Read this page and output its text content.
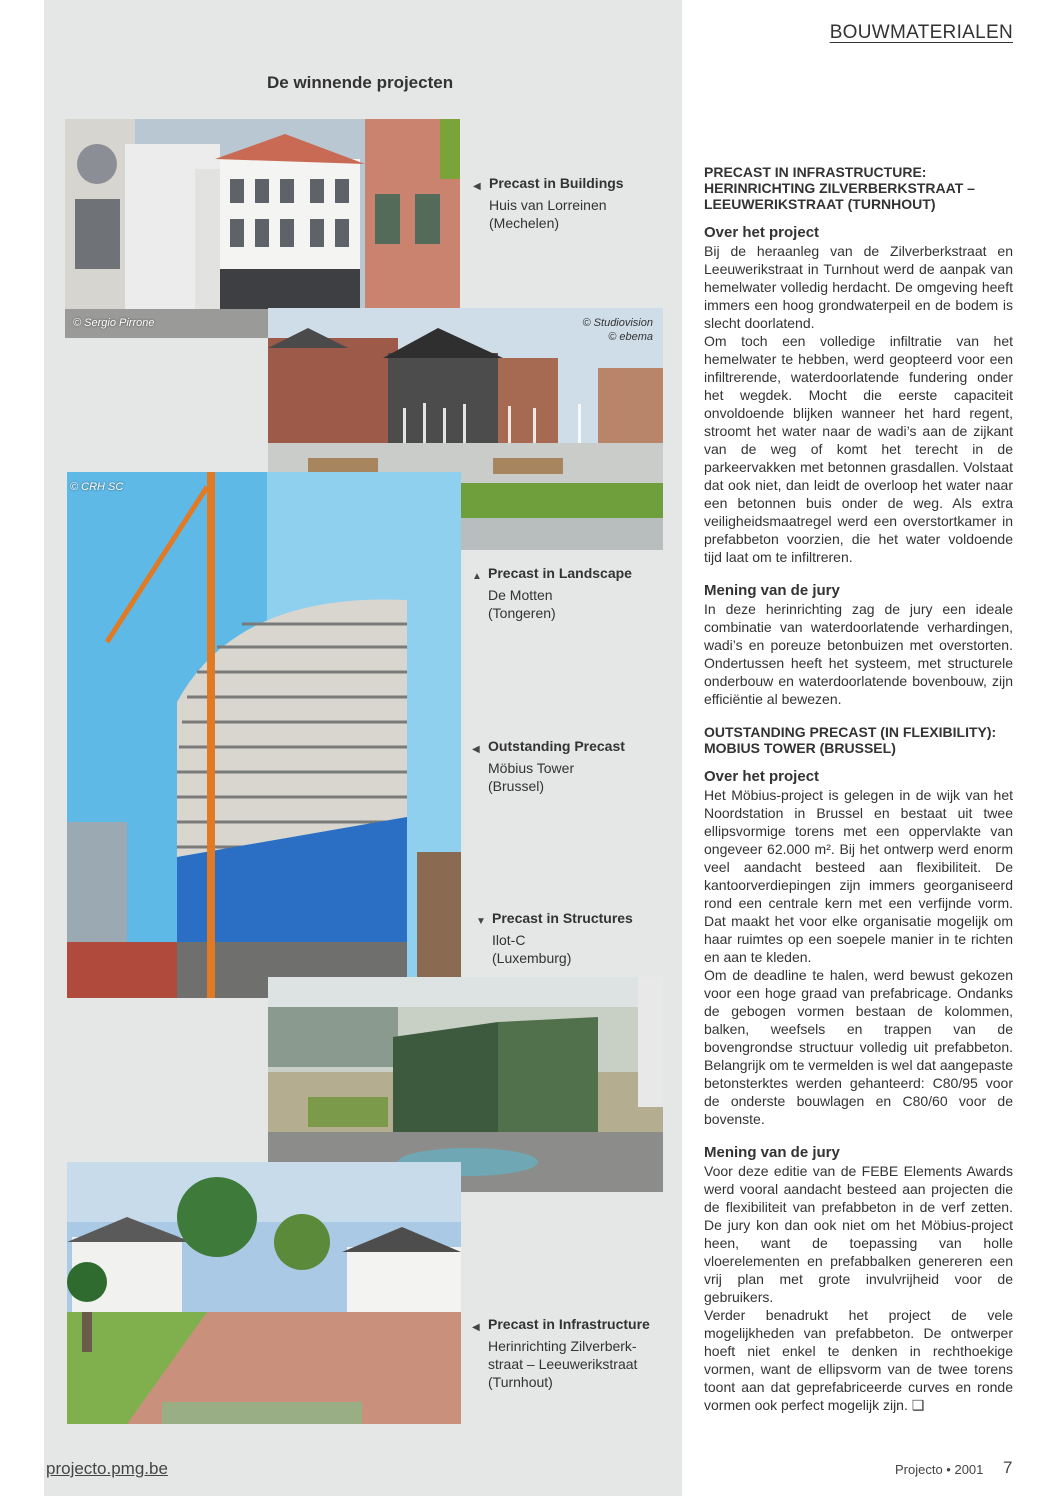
BOUWMATERIALEN
De winnende projecten
© Sergio Pirrone	© Studiovision
© ebema
© CRH SC
◀ Precast in Buildings
Huis van Lorreinen
(Mechelen)
▲ Precast in Landscape
De Motten
(Tongeren)
◀ Outstanding Precast
Möbius Tower
(Brussel)
▼ Precast in Structures
Ilot-C
(Luxemburg)
◀ Precast in Infrastructure
Herinrichting Zilverberk-
straat – Leeuwerikstraat
(Turnhout)
PRECAST IN INFRASTRUCTURE: HERINRICHTING ZILVERBERKSTRAAT – LEEUWERIKSTRAAT (TURNHOUT)
Over het project

Bij de heraanleg van de Zilverberkstraat en Leeuwerikstraat in Turnhout werd de aanpak van hemelwater volledig herdacht. De omgeving heeft immers een hoog grondwaterpeil en de bodem is slecht doorlatend.

Om toch een volledige infiltratie van het hemelwater te hebben, werd geopteerd voor een infiltrerende, waterdoorlatende fundering onder het wegdek. Mocht die eerste capaciteit onvoldoende blijken wanneer het hard regent, stroomt het water naar de wadi’s aan de zijkant van de weg of komt het terecht in de parkeervakken met betonnen grasdallen. Volstaat dat ook niet, dan leidt de overloop het water naar een betonnen buis onder de weg. Als extra veiligheidsmaatregel werd een overstortkamer in prefabbeton voorzien, die het water voldoende tijd laat om te infiltreren.

Mening van de jury

In deze herinrichting zag de jury een ideale combinatie van waterdoorlatende verhardingen, wadi’s en poreuze betonbuizen met overstorten. Ondertussen heeft het systeem, met structurele onderbouw en waterdoorlatende bovenbouw, zijn efficiëntie al bewezen.

OUTSTANDING PRECAST (IN FLEXIBILITY): MOBIUS TOWER (BRUSSEL)
Over het project

Het Möbius-project is gelegen in de wijk van het Noordstation in Brussel en bestaat uit twee ellipsvormige torens met een oppervlakte van ongeveer 62.000 m². Bij het ontwerp werd enorm veel aandacht besteed aan flexibiliteit. De kantoorverdiepingen zijn immers georganiseerd rond een centrale kern met een verfijnde vorm. Dat maakt het voor elke organisatie mogelijk om haar ruimtes op een soepele manier in te richten en aan te kleden.

Om de deadline te halen, werd bewust gekozen voor een hoge graad van prefabricage. Ondanks de gebogen vormen bestaan de kolommen, balken, weefsels en trappen van de bovengrondse structuur volledig uit prefabbeton. Belangrijk om te vermelden is wel dat aangepaste betonsterktes werden gehanteerd: C80/95 voor de onderste bouwlagen en C80/60 voor de bovenste.

Mening van de jury

Voor deze editie van de FEBE Elements Awards werd vooral aandacht besteed aan projecten die de flexibiliteit van prefabbeton in de verf zetten. De jury kon dan ook niet om het Möbius-project heen, want de toepassing van holle vloerelementen en prefabbalken genereren een vrij plan met grote invulvrijheid voor de gebruikers.

Verder benadrukt het project de vele mogelijkheden van prefabbeton. De ontwerper hoeft niet enkel te denken in rechthoekige vormen, want de ellipsvorm van de twee torens toont aan dat geprefabriceerde curves en ronde vormen ook perfect mogelijk zijn. ❑

projecto.pmg.be	Projecto • 2001 7
